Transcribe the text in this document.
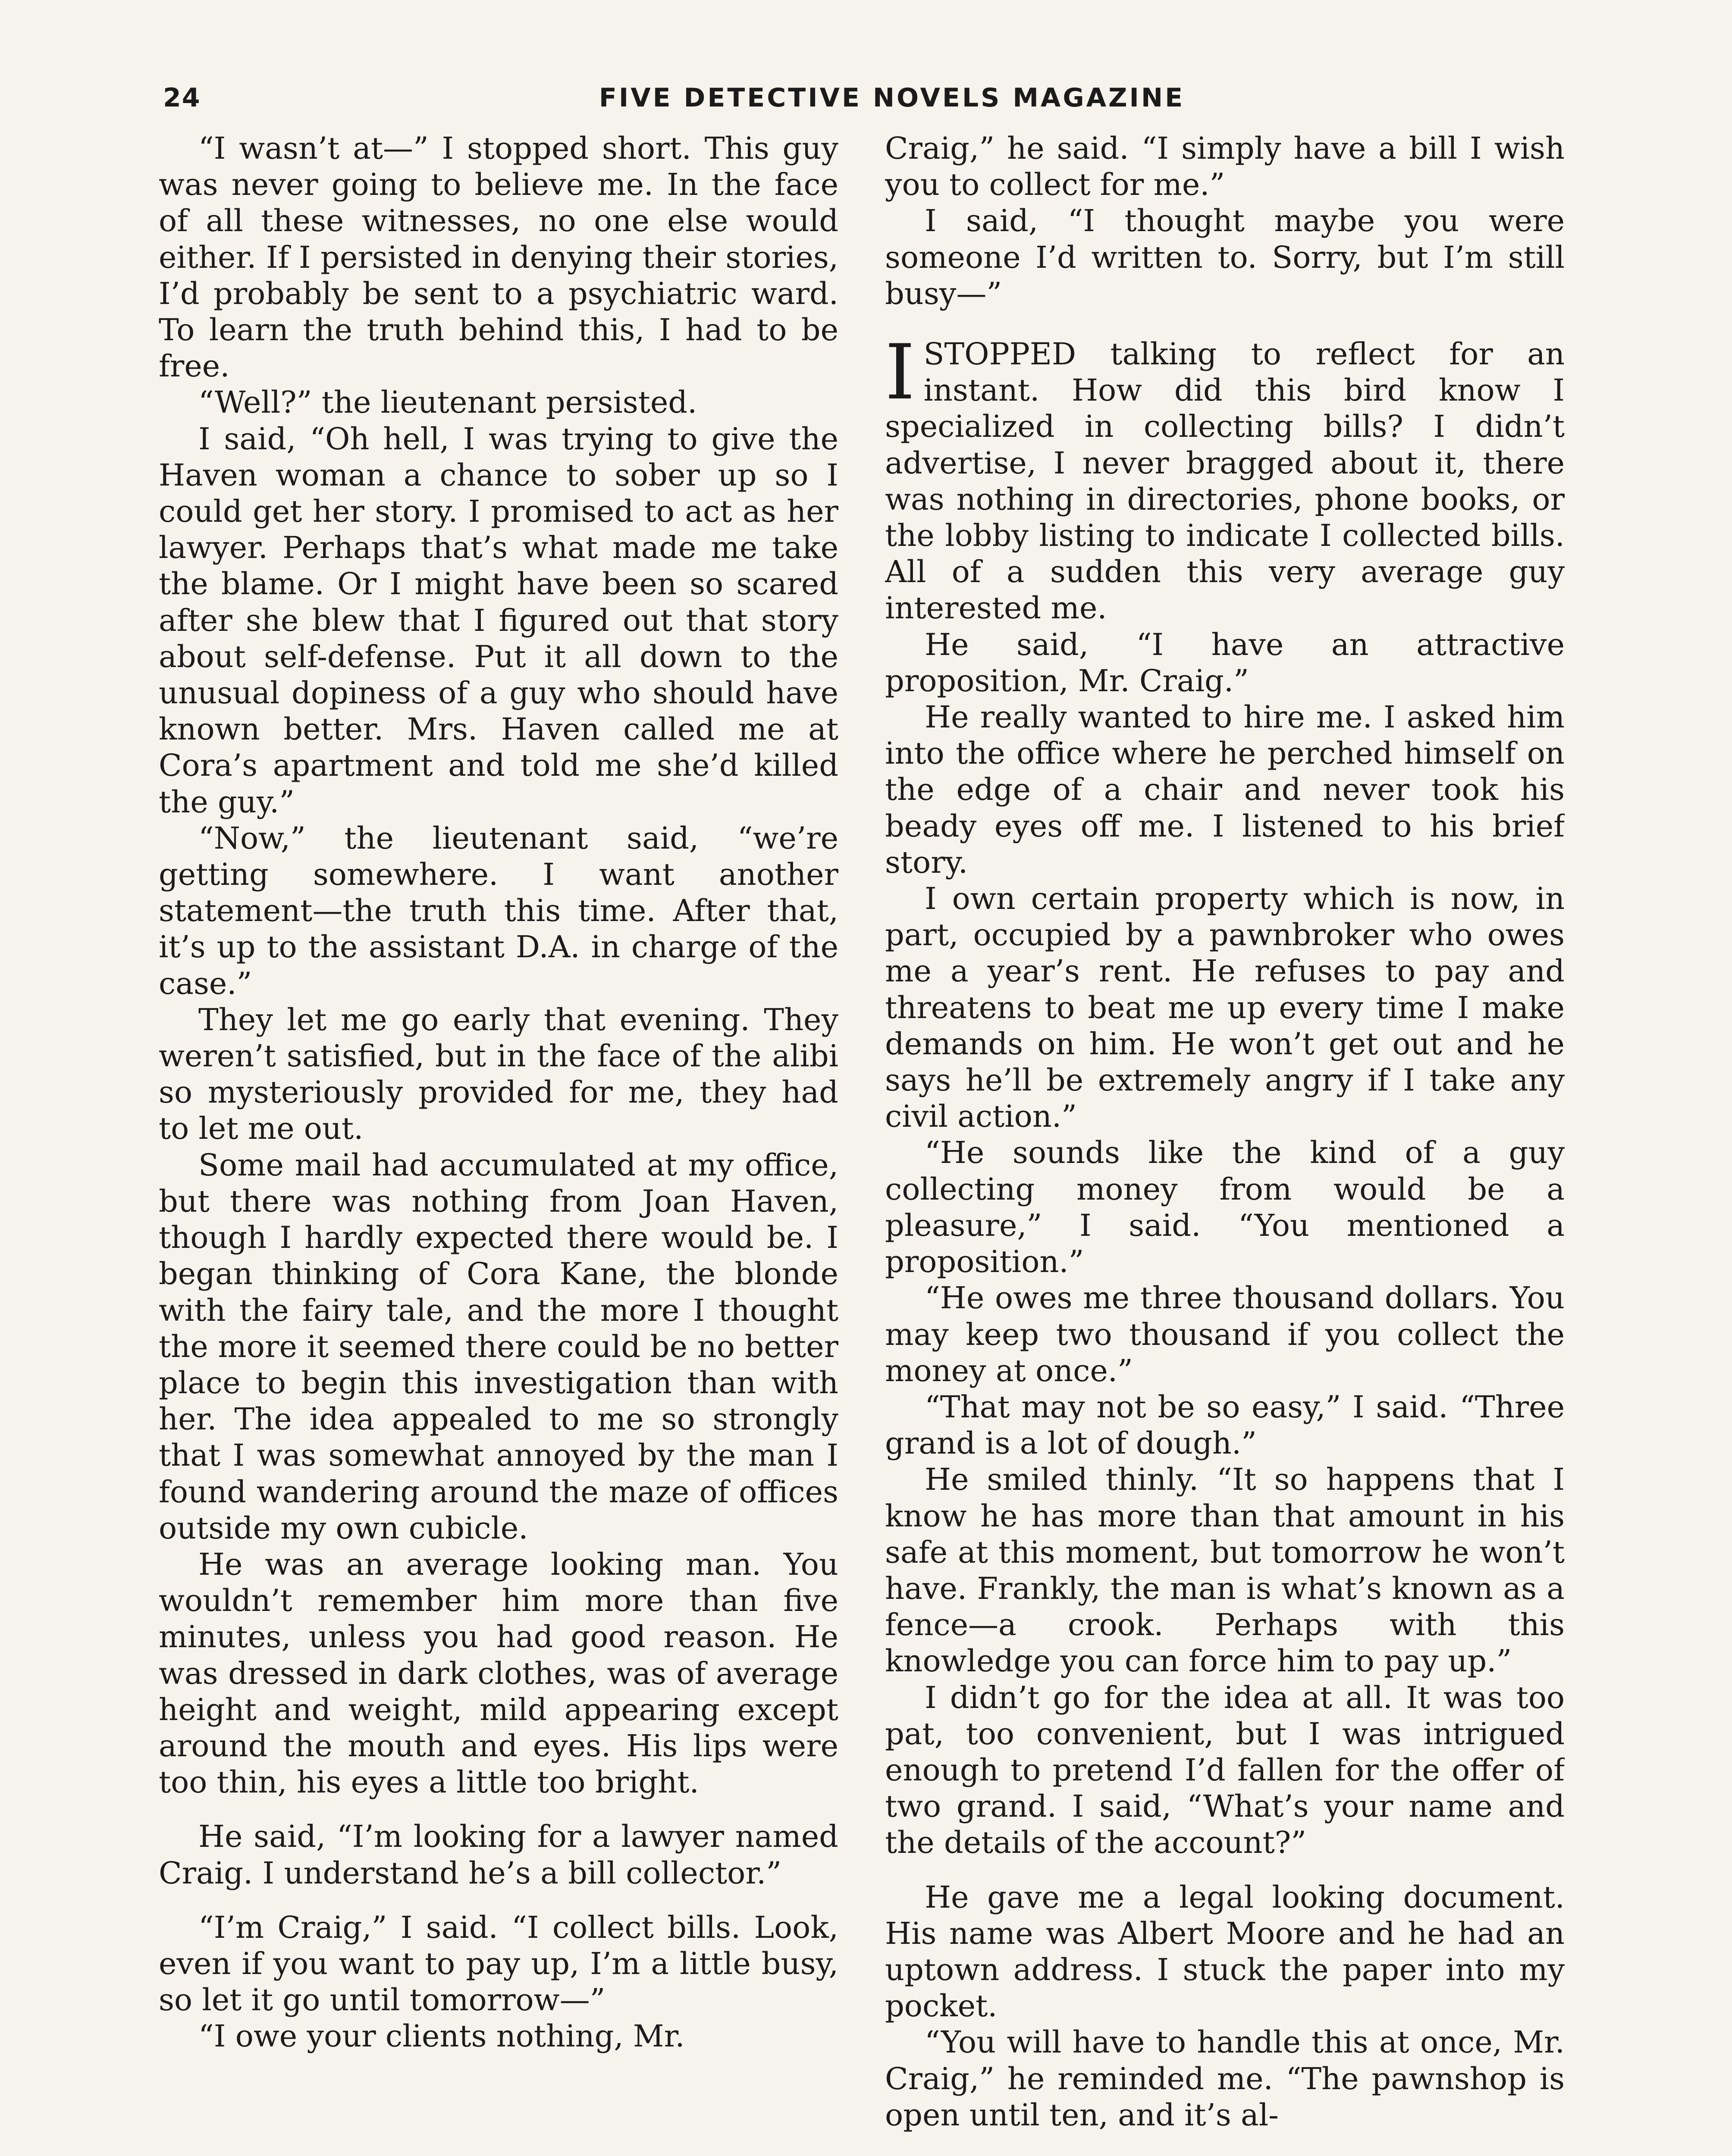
24	FIVE DETECTIVE NOVELS MAGAZINE

“I wasn’t at—” I stopped short. This guy was never going to believe me. In the face of all these witnesses, no one else would either. If I persisted in denying their stories, I’d probably be sent to a psychiatric ward. To learn the truth behind this, I had to be free.

“Well?” the lieutenant persisted.

I said, “Oh hell, I was trying to give the Haven woman a chance to sober up so I could get her story. I promised to act as her lawyer. Perhaps that’s what made me take the blame. Or I might have been so scared after she blew that I figured out that story about self-defense. Put it all down to the unusual dopiness of a guy who should have known better. Mrs. Haven called me at Cora’s apartment and told me she’d killed the guy.”

“Now,” the lieutenant said, “we’re getting somewhere. I want another statement—the truth this time. After that, it’s up to the assistant D.A. in charge of the case.”

They let me go early that evening. They weren’t satisfied, but in the face of the alibi so mysteriously provided for me, they had to let me out.

Some mail had accumulated at my office, but there was nothing from Joan Haven, though I hardly expected there would be. I began thinking of Cora Kane, the blonde with the fairy tale, and the more I thought the more it seemed there could be no better place to begin this investigation than with her. The idea appealed to me so strongly that I was somewhat annoyed by the man I found wandering around the maze of offices outside my own cubicle.

He was an average looking man. You wouldn’t remember him more than five minutes, unless you had good reason. He was dressed in dark clothes, was of average height and weight, mild appearing except around the mouth and eyes. His lips were too thin, his eyes a little too bright.

He said, “I’m looking for a lawyer named Craig. I understand he’s a bill collector.”

“I’m Craig,” I said. “I collect bills. Look, even if you want to pay up, I’m a little busy, so let it go until tomorrow—”

“I owe your clients nothing, Mr.

Craig,” he said. “I simply have a bill I wish you to collect for me.”

I said, “I thought maybe you were someone I’d written to. Sorry, but I’m still busy—”

ISTOPPED talking to reflect for an instant. How did this bird know I specialized in collecting bills? I didn’t advertise, I never bragged about it, there was nothing in directories, phone books, or the lobby listing to indicate I collected bills. All of a sudden this very average guy interested me.

He said, “I have an attractive proposition, Mr. Craig.”

He really wanted to hire me. I asked him into the office where he perched himself on the edge of a chair and never took his beady eyes off me. I listened to his brief story.

I own certain property which is now, in part, occupied by a pawnbroker who owes me a year’s rent. He refuses to pay and threatens to beat me up every time I make demands on him. He won’t get out and he says he’ll be extremely angry if I take any civil action.”

“He sounds like the kind of a guy collecting money from would be a pleasure,” I said. “You mentioned a proposition.”

“He owes me three thousand dollars. You may keep two thousand if you collect the money at once.”

“That may not be so easy,” I said. “Three grand is a lot of dough.”

He smiled thinly. “It so happens that I know he has more than that amount in his safe at this moment, but tomorrow he won’t have. Frankly, the man is what’s known as a fence—a crook. Perhaps with this knowledge you can force him to pay up.”

I didn’t go for the idea at all. It was too pat, too convenient, but I was intrigued enough to pretend I’d fallen for the offer of two grand. I said, “What’s your name and the details of the account?”

He gave me a legal looking document. His name was Albert Moore and he had an uptown address. I stuck the paper into my pocket.

“You will have to handle this at once, Mr. Craig,” he reminded me. “The pawnshop is open until ten, and it’s al-
